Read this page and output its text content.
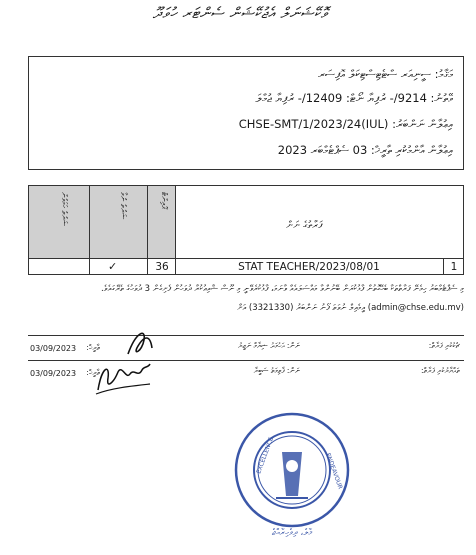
ވޮކޭޝަނަލް އެޖުކޭޝަން ސެންޓަރ ހުވަދޫ
މަޤާމު: ސީނިއަރ ސްޓެޓިސްޓިކަލް އޮފިސަރ
ވޭތުނު: 9214/- ރުފިޔާ ނޯޓް: 12409/- ރުފިޔާ ޖުމްލަ
އިޢުލާން ނަންބަރު: (IUL)CHSE-SMT/1/2023/24
އިޢުލާން އާންމުކުރި ތާރީޚް: 03 ސެޕްޓެމްބަރ 2023
ޝަރުތު ހަމަވުން	ޝަރުތު ނުވާ	ޕޮއިންޓް
ފަރާތުގެ ނަން
✓	36	STAT TEACHER/2023/08/01	1
މި ސެޕްޓެމްބަރު ހިމެނޭ ފަރާތްތަކާ ބެހޭގޮތުން ފާޅުކުރަން ބޭނުންވާ މައްސަލައެއް ވާނަމަ، ފާޅުކުރެވޭނީ މި ނޫސް ޝާއިޢުކުރާ ދުވަހުން ފެށިގެން 3 ދުވަހުގެ ތެރޭގައެވެ.
(admin@chse.edu.mv) އީމެއިލް ނުވަތަ ފޯނު ނަންބަރު (3321330) އަށް
ޗެކުކުރި ފަރާތް:
ނަން: އަހުމަދު ޝިޔާމް ނަޒީރު
ތާރީޚް:
03/09/2023
ތައްޔާރުކުރި ފަރާތް:
ނަން: ފާތިމަތު ސަބީރާ
ތާރީޚް:
03/09/2023
EXCELLENCE	ENDEAVOUR
މާލެ، ދިވެހިރާއްޖެ
